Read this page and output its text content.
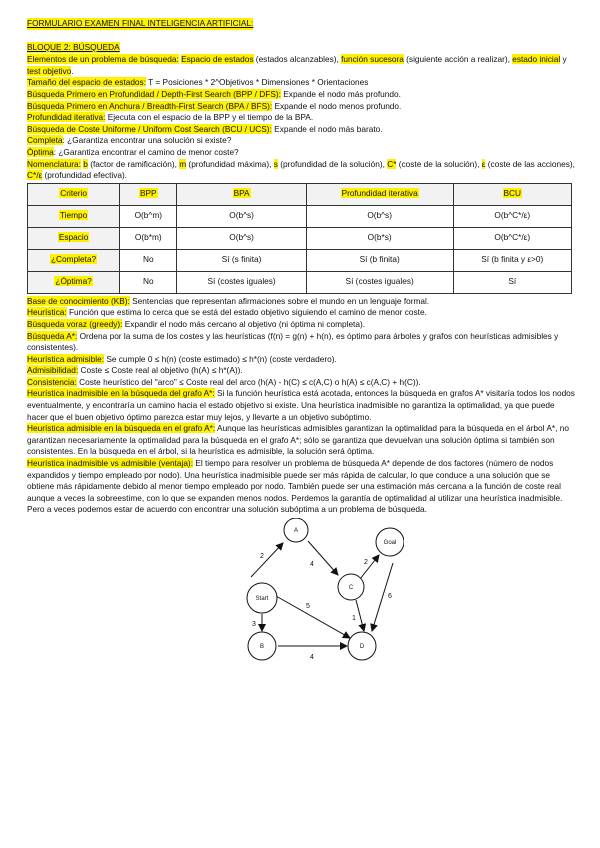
FORMULARIO EXAMEN FINAL INTELIGENCIA ARTIFICIAL:
BLOQUE 2: BÚSQUEDA

Elementos de un problema de búsqueda: Espacio de estados (estados alcanzables), función sucesora (siguiente acción a realizar), estado inicial y test objetivo.

Tamaño del espacio de estados: T = Posiciones * 2^Objetivos * Dimensiones * Orientaciones

Búsqueda Primero en Profundidad / Depth-First Search (BPP / DFS): Expande el nodo más profundo.

Búsqueda Primero en Anchura / Breadth-First Search (BPA / BFS): Expande el nodo menos profundo.

Profundidad iterativa: Ejecuta con el espacio de la BPP y el tiempo de la BPA.

Búsqueda de Coste Uniforme / Uniform Cost Search (BCU / UCS): Expande el nodo más barato.

Completa: ¿Garantiza encontrar una solución si existe?

Óptima: ¿Garantiza encontrar el camino de menor coste?

Nomenclatura: b (factor de ramificación), m (profundidad máxima), s (profundidad de la solución), C* (coste de la solución), ε (coste de las acciones), C*/ε (profundidad efectiva).

Criterio	BPP	BPA	Profundidad iterativa	BCU
Tiempo	O(b^m)	O(b^s)	O(b^s)	O(b^C*/ε)
Espacio	O(b*m)	O(b^s)	O(b*s)	O(b^C*/ε)
¿Completa?	No	Sí (s finita)	Sí (b finita)	Sí (b finita y ε>0)
¿Óptima?	No	Sí (costes iguales)	Sí (costes iguales)	Sí

Base de conocimiento (KB): Sentencias que representan afirmaciones sobre el mundo en un lenguaje formal.

Heurística: Función que estima lo cerca que se está del estado objetivo siguiendo el camino de menor coste.

Búsqueda voraz (greedy): Expandir el nodo más cercano al objetivo (ni óptima ni completa).

Búsqueda A*: Ordena por la suma de los costes y las heurísticas (f(n) = g(n) + h(n), es óptimo para árboles y grafos con heurísticas admisibles y consistentes).

Heurística admisible: Se cumple 0 ≤ h(n) (coste estimado) ≤ h*(n) (coste verdadero).

Admisibilidad: Coste ≤ Coste real al objetivo (h(A) ≤ h*(A)).

Consistencia: Coste heurístico del "arco" ≤ Coste real del arco (h(A) - h(C) ≤ c(A,C) o h(A) ≤ c(A,C) + h(C)).

Heurística inadmisible en la búsqueda del grafo A*: Si la función heurística está acotada, entonces la búsqueda en grafos A* visitaría todos los nodos eventualmente, y encontraría un camino hacia el estado objetivo si existe. Una heurística inadmisible no garantiza la optimalidad, ya que puede hacer que el buen objetivo óptimo parezca estar muy lejos, y llevarte a un objetivo subóptimo.

Heurística admisible en la búsqueda en el grafo A*: Aunque las heurísticas admisibles garantizan la optimalidad para la búsqueda en el árbol A*, no garantizan necesariamente la optimalidad para la búsqueda en el grafo A*; sólo se garantiza que devuelvan una solución óptima si también son consistentes. En la búsqueda en el árbol, si la heurística es admisible, la solución será óptima.

Heurística inadmisible vs admisible (ventaja): El tiempo para resolver un problema de búsqueda A* depende de dos factores (número de nodos expandidos y tiempo empleado por nodo). Una heurística inadmisible puede ser más rápida de calcular, lo que conduce a una solución que se obtiene más rápidamente debido al menor tiempo empleado por nodo. También puede ser una estimación más cercana a la función de coste real aunque a veces la sobreestime, con lo que se expanden menos nodos. Perdemos la garantía de optimalidad al utilizar una heurística inadmisible. Pero a veces podemos estar de acuerdo con encontrar una solución subóptima a un problema de búsqueda.

A
Start
B
C
D
Goal
2
4
5
3
4
1
2
6
